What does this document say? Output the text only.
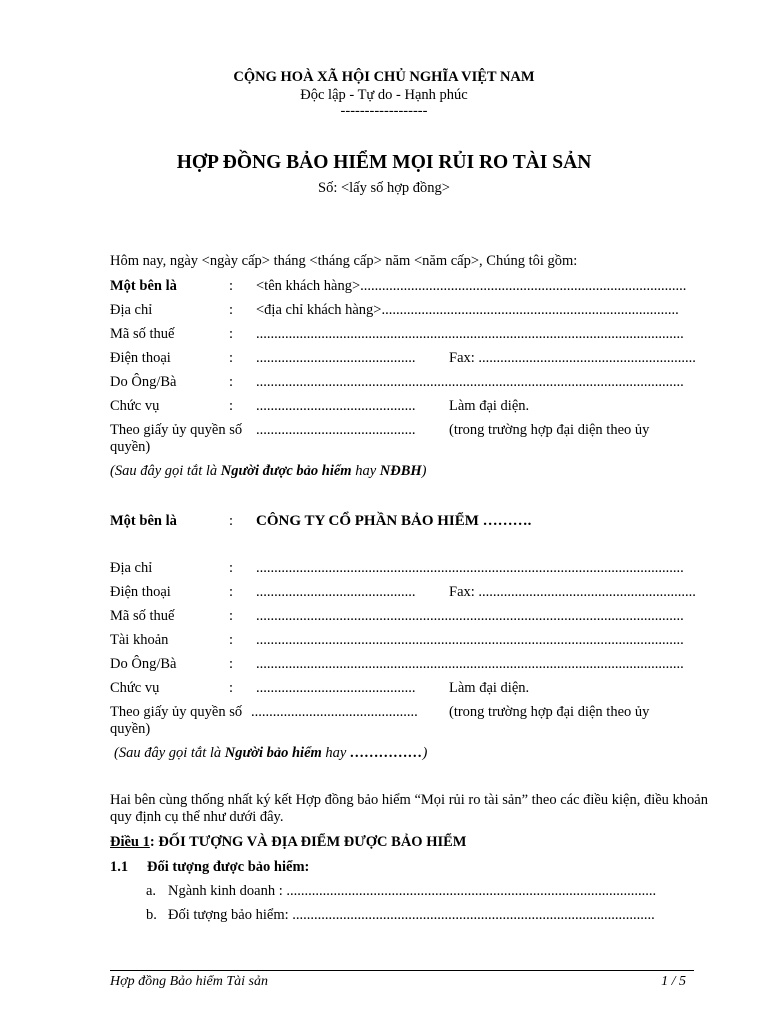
CỘNG HOÀ XÃ HỘI CHỦ NGHĨA VIỆT NAM
Độc lập - Tự do - Hạnh phúc
------------------
HỢP ĐỒNG BẢO HIỂM MỌI RỦI RO TÀI SẢN
Số: <lấy số hợp đồng>
Hôm nay, ngày <ngày cấp> tháng <tháng cấp> năm <năm cấp>, Chúng tôi gồm:
Một bên là	: <tên khách hàng>..........................................................................................
Địa chỉ	: <địa chỉ khách hàng>..................................................................................
Mã số thuế	: ......................................................................................................................
Điện thoại	: ............................................ Fax: ............................................................
Do Ông/Bà	: ......................................................................................................................
Chức vụ	: ............................................ Làm đại diện.
Theo giấy ủy quyền số ............................................ (trong trường hợp đại diện theo ủy
quyền)
(Sau đây gọi tắt là Người được bảo hiểm hay NĐBH)
Một bên là	: CÔNG TY CỔ PHẦN BẢO HIỂM ……….
Địa chỉ	: ......................................................................................................................
Điện thoại	: ............................................ Fax: ............................................................
Mã số thuế	: ......................................................................................................................
Tài khoản	: ......................................................................................................................
Do Ông/Bà	: ......................................................................................................................
Chức vụ	: ............................................ Làm đại diện.
Theo giấy ủy quyền số .............................................. (trong trường hợp đại diện theo ủy
quyền)
(Sau đây gọi tắt là Người bảo hiểm hay ……………)
Hai bên cùng thống nhất ký kết Hợp đồng bảo hiểm “Mọi rủi ro tài sản” theo các điều kiện, điều khoản quy định cụ thể như dưới đây.
Điều 1: ĐỐI TƯỢNG VÀ ĐỊA ĐIỂM ĐƯỢC BẢO HIỂM
1.1 Đối tượng được bảo hiểm:
a. Ngành kinh doanh : ......................................................................................................
b. Đối tượng bảo hiểm: ....................................................................................................
Hợp đồng Bảo hiểm Tài sản	1 / 5
